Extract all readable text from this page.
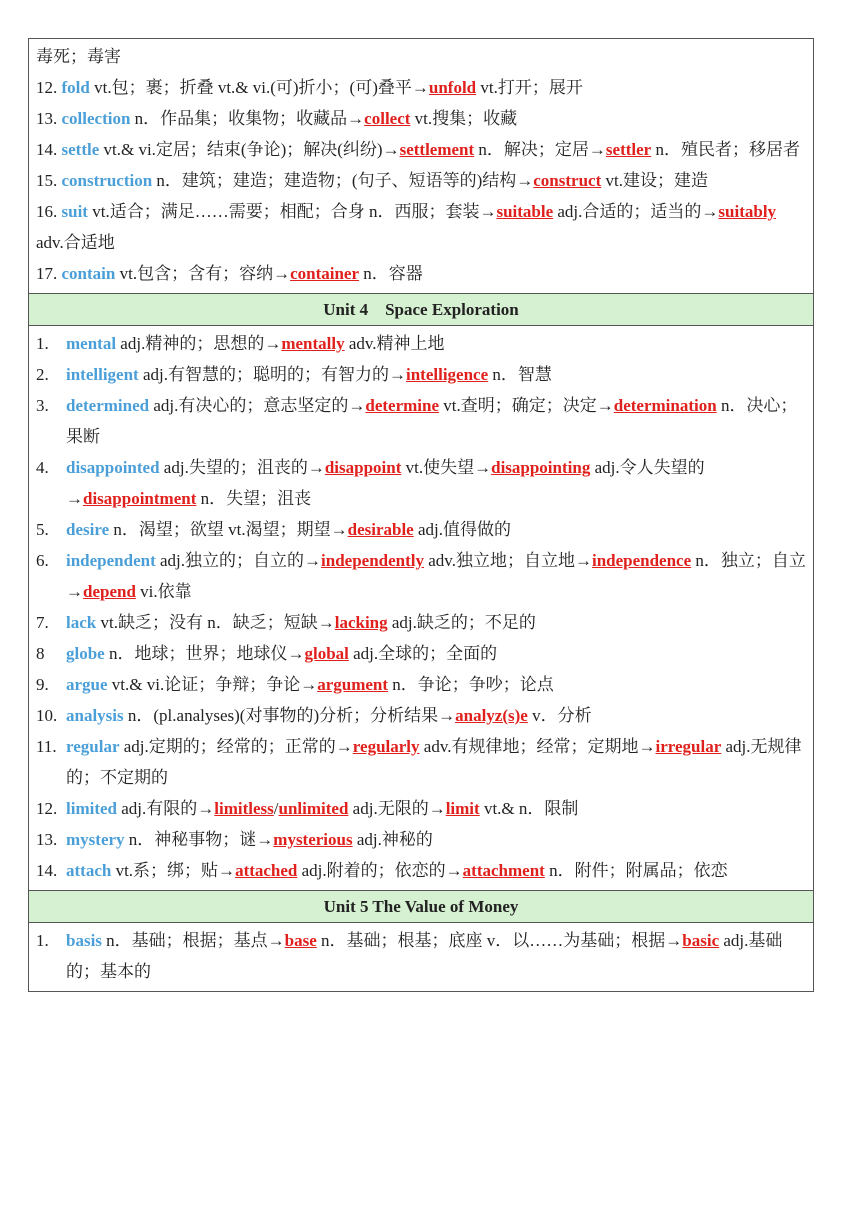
毒死；毒害
12. fold vt.包；裹；折叠 vt.& vi.(可)折小；(可)叠平→unfold vt.打开；展开
13. collection n．作品集；收集物；收藏品→collect vt.搜集；收藏
14. settle vt.& vi.定居；结束(争论)；解决(纠纷)→settlement n．解决；定居→settler n．殖民者；移居者
15. construction n．建筑；建造；建造物；(句子、短语等的)结构→construct vt.建设；建造
16. suit vt.适合；满足……需要；相配；合身 n．西服；套装→suitable adj.合适的；适当的→suitably adv.合适地
17. contain vt.包含；含有；容纳→container n．容器
Unit 4    Space Exploration
1.	mental adj.精神的；思想的→mentally adv.精神上地
2.	intelligent adj.有智慧的；聪明的；有智力的→intelligence n．智慧
3.	determined adj.有决心的；意志坚定的→determine vt.查明；确定；决定→determination n．决心；果断
4.	disappointed adj.失望的；沮丧的→disappoint vt.使失望→disappointing adj.令人失望的→disappointment n．失望；沮丧
5.	desire n．渴望；欲望 vt.渴望；期望→desirable adj.值得做的
6.	independent adj.独立的；自立的→independently adv.独立地；自立地→independence n．独立；自立→depend vi.依靠
7.	lack vt.缺乏；没有 n．缺乏；短缺→lacking adj.缺乏的；不足的
8	globe n．地球；世界；地球仪→global adj.全球的；全面的
9.	argue vt.& vi.论证；争辩；争论→argument n．争论；争吵；论点
10. analysis n．(pl.analyses)(对事物的)分析；分析结果→analyz(s)e v．分析
11. regular adj.定期的；经常的；正常的→regularly adv.有规律地；经常；定期地→irregular adj.无规律的；不定期的
12. limited adj.有限的→limitless/unlimited adj.无限的→limit vt.& n．限制
13. mystery n．神秘事物；谜→mysterious adj.神秘的
14. attach vt.系；绑；贴→attached adj.附着的；依恋的→attachment n．附件；附属品；依恋
Unit 5 The Value of Money
1.	basis n．基础；根据；基点→base n．基础；根基；底座 v．以……为基础；根据→basic adj.基础的；基本的
